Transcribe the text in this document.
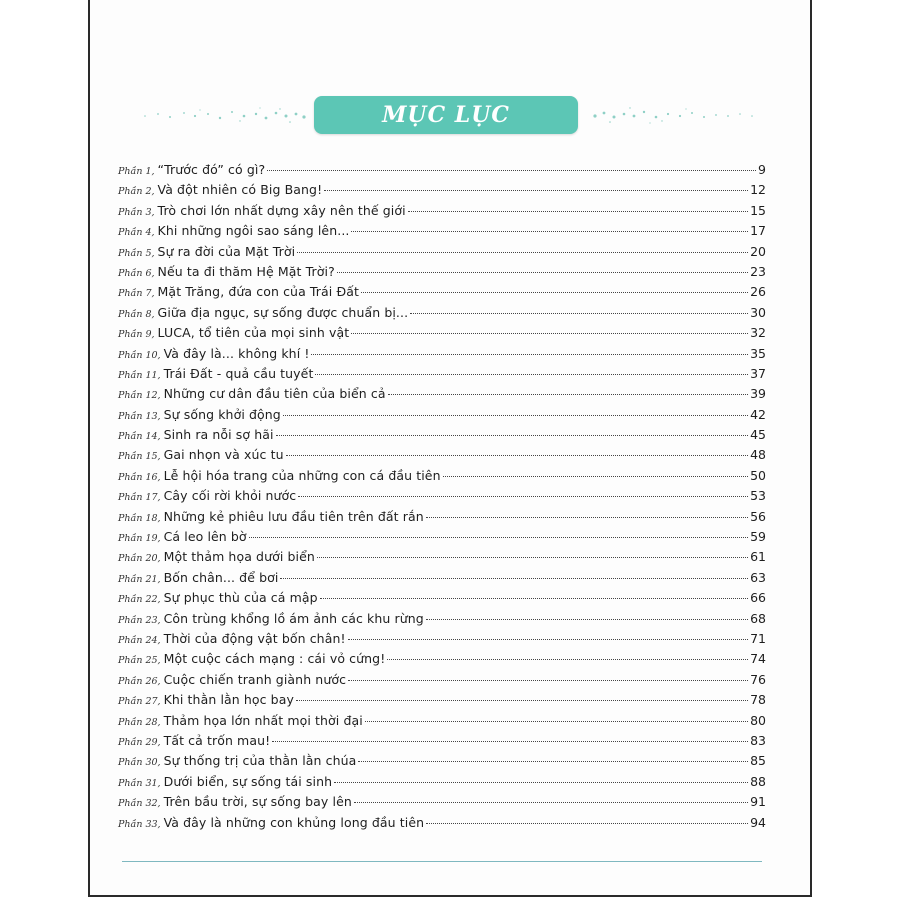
MỤC LỤC
Phần 1, “Trước đó” có gì?	9
Phần 2, Và đột nhiên có Big Bang!	12
Phần 3, Trò chơi lớn nhất dựng xây nên thế giới	15
Phần 4, Khi những ngôi sao sáng lên...	17
Phần 5, Sự ra đời của Mặt Trời	20
Phần 6, Nếu ta đi thăm Hệ Mặt Trời?	23
Phần 7, Mặt Trăng, đứa con của Trái Đất	26
Phần 8, Giữa địa ngục, sự sống được chuẩn bị...	30
Phần 9, LUCA, tổ tiên của mọi sinh vật	32
Phần 10, Và đây là... không khí !	35
Phần 11, Trái Đất - quả cầu tuyết	37
Phần 12, Những cư dân đầu tiên của biển cả	39
Phần 13, Sự sống khởi động	42
Phần 14, Sinh ra nỗi sợ hãi	45
Phần 15, Gai nhọn và xúc tu	48
Phần 16, Lễ hội hóa trang của những con cá đầu tiên	50
Phần 17, Cây cối rời khỏi nước	53
Phần 18, Những kẻ phiêu lưu đầu tiên trên đất rắn	56
Phần 19, Cá leo lên bờ	59
Phần 20, Một thảm họa dưới biển	61
Phần 21, Bốn chân... để bơi	63
Phần 22, Sự phục thù của cá mập	66
Phần 23, Côn trùng khổng lồ ám ảnh các khu rừng	68
Phần 24, Thời của động vật bốn chân!	71
Phần 25, Một cuộc cách mạng : cái vỏ cứng!	74
Phần 26, Cuộc chiến tranh giành nước	76
Phần 27, Khi thằn lằn học bay	78
Phần 28, Thảm họa lớn nhất mọi thời đại	80
Phần 29, Tất cả trốn mau!	83
Phần 30, Sự thống trị của thằn lằn chúa	85
Phần 31, Dưới biển, sự sống tái sinh	88
Phần 32, Trên bầu trời, sự sống bay lên	91
Phần 33, Và đây là những con khủng long đầu tiên	94
